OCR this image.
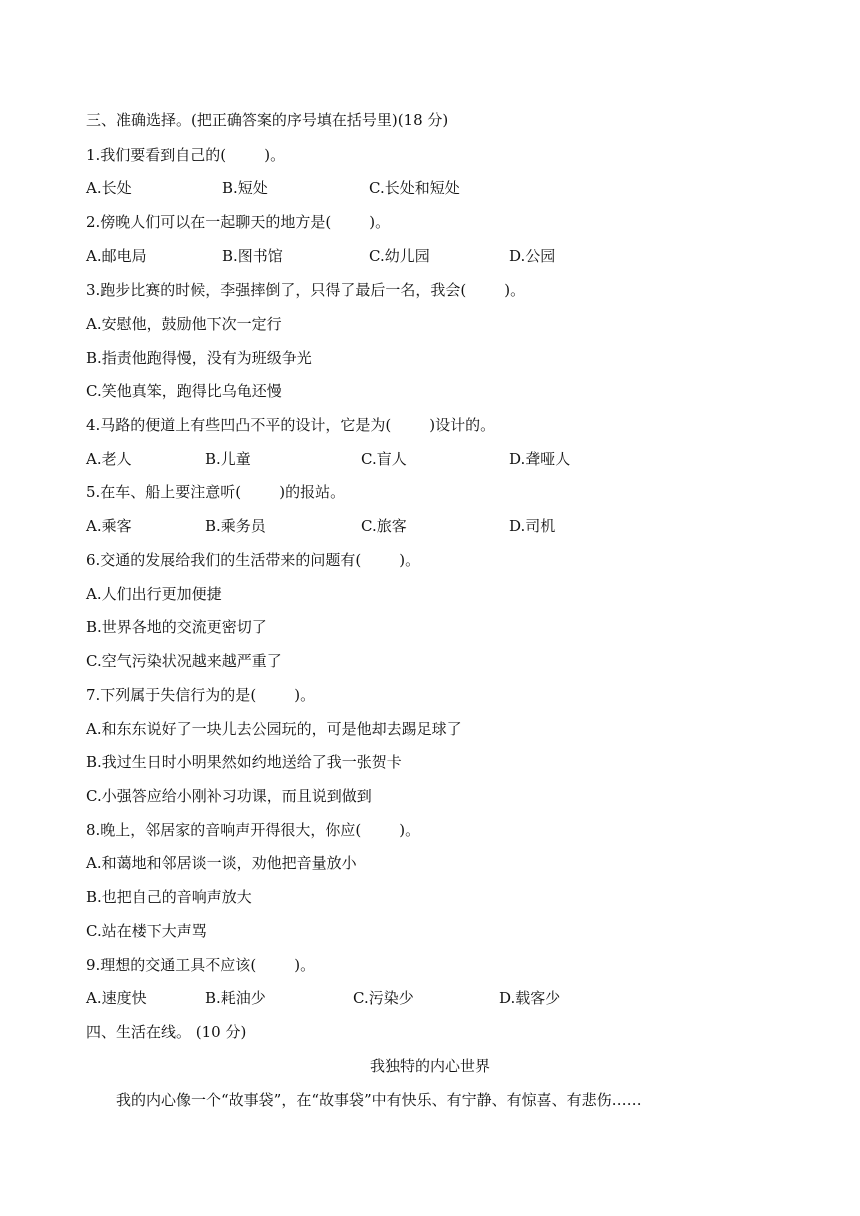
三、准确选择。(把正确答案的序号填在括号里)(18 分)
1.我们要看到自己的(        )。
A.长处	B.短处	C.长处和短处
2.傍晚人们可以在一起聊天的地方是(        )。
A.邮电局	B.图书馆	C.幼儿园	D.公园
3.跑步比赛的时候，李强摔倒了，只得了最后一名，我会(        )。
A.安慰他，鼓励他下次一定行
B.指责他跑得慢，没有为班级争光
C.笑他真笨，跑得比乌龟还慢
4.马路的便道上有些凹凸不平的设计，它是为(        )设计的。
A.老人	B.儿童	C.盲人	D.聋哑人
5.在车、船上要注意听(        )的报站。
A.乘客	B.乘务员	C.旅客	D.司机
6.交通的发展给我们的生活带来的问题有(        )。
A.人们出行更加便捷
B.世界各地的交流更密切了
C.空气污染状况越来越严重了
7.下列属于失信行为的是(        )。
A.和东东说好了一块儿去公园玩的，可是他却去踢足球了
B.我过生日时小明果然如约地送给了我一张贺卡
C.小强答应给小刚补习功课，而且说到做到
8.晚上，邻居家的音响声开得很大，你应(        )。
A.和蔼地和邻居谈一谈，劝他把音量放小
B.也把自己的音响声放大
C.站在楼下大声骂
9.理想的交通工具不应该(        )。
A.速度快	B.耗油少	C.污染少	D.载客少
四、生活在线。 (10 分)
我独特的内心世界
我的内心像一个“故事袋”，在“故事袋”中有快乐、有宁静、有惊喜、有悲伤……
